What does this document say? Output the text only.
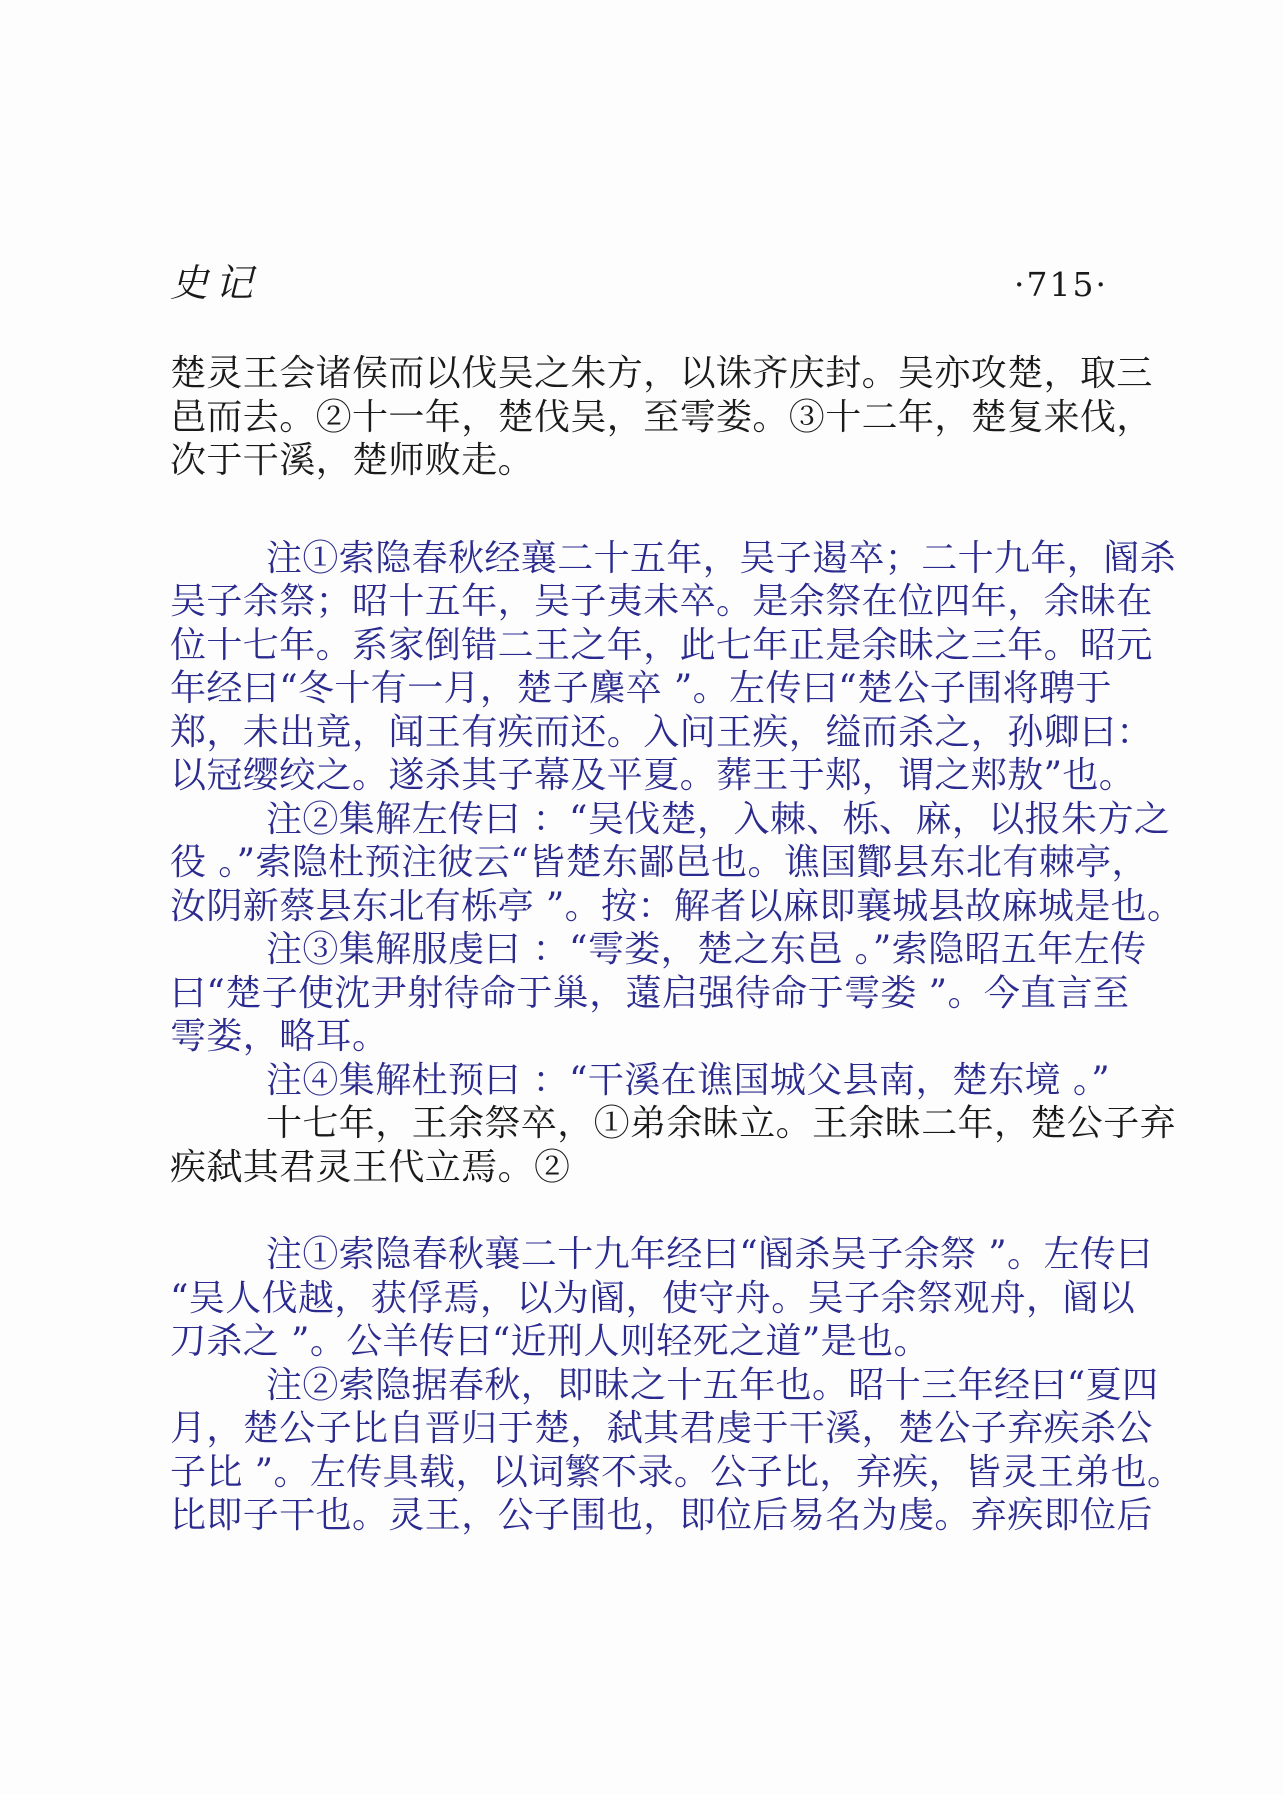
史记	·715·
楚灵王会诸侯而以伐吴之朱方，以诛齐庆封。吴亦攻楚，取三
邑而去。②十一年，楚伐吴，至雩娄。③十二年，楚复来伐，
次于干溪，楚师败走。
注①索隐春秋经襄二十五年，吴子遏卒；二十九年，阍杀
吴子余祭；昭十五年，吴子夷未卒。是余祭在位四年，余昧在
位十七年。系家倒错二王之年，此七年正是余昧之三年。昭元
年经曰“冬十有一月，楚子麇卒 ”。左传曰“楚公子围将聘于
郑，未出竟，闻王有疾而还。入问王疾，缢而杀之，孙卿曰：
以冠缨绞之。遂杀其子幕及平夏。葬王于郏，谓之郏敖”也。
注②集解左传曰 ：“吴伐楚，入棘、栎、麻，以报朱方之
役 。”索隐杜预注彼云“皆楚东鄙邑也。谯国酇县东北有棘亭，
汝阴新蔡县东北有栎亭 ”。按：解者以麻即襄城县故麻城是也。
注③集解服虔曰 ：“雩娄，楚之东邑 。”索隐昭五年左传
曰“楚子使沈尹射待命于巢，薳启强待命于雩娄 ”。今直言至
雩娄，略耳。
注④集解杜预曰 ：“干溪在谯国城父县南，楚东境 。”
十七年，王余祭卒，①弟余昧立。王余昧二年，楚公子弃
疾弑其君灵王代立焉。②
注①索隐春秋襄二十九年经曰“阍杀吴子余祭 ”。左传曰
“吴人伐越，获俘焉，以为阍，使守舟。吴子余祭观舟，阍以
刀杀之 ”。公羊传曰“近刑人则轻死之道”是也。
注②索隐据春秋，即昧之十五年也。昭十三年经曰“夏四
月，楚公子比自晋归于楚，弑其君虔于干溪，楚公子弃疾杀公
子比 ”。左传具载，以词繁不录。公子比，弃疾，皆灵王弟也。
比即子干也。灵王，公子围也，即位后易名为虔。弃疾即位后
